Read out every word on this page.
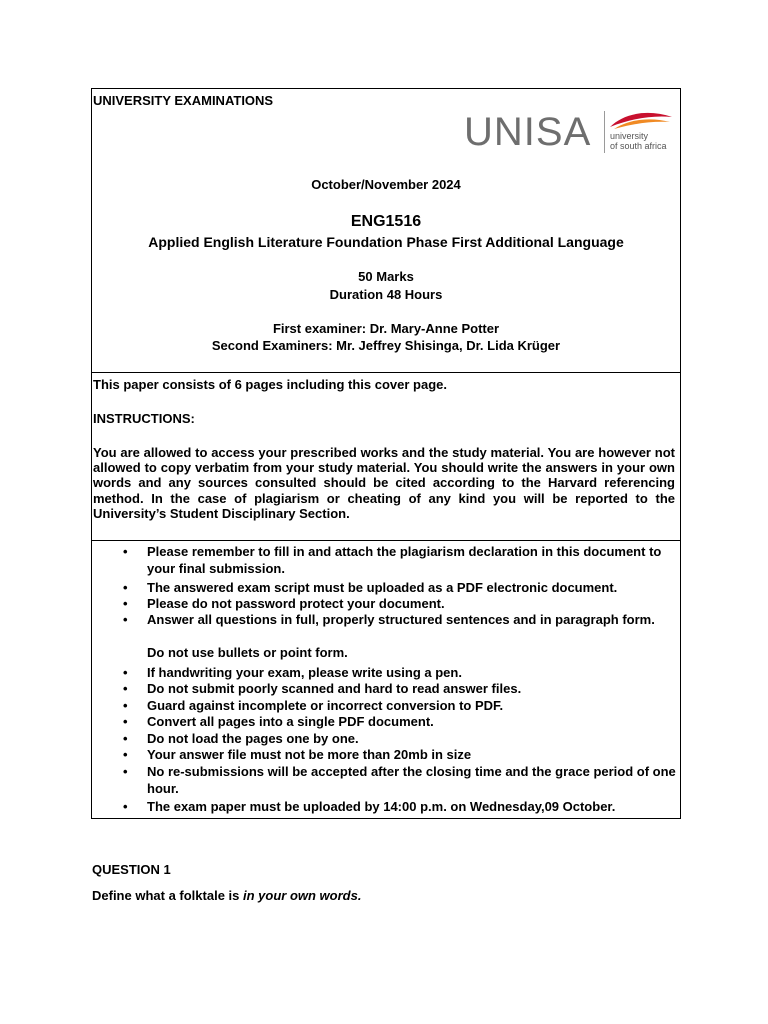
UNIVERSITY EXAMINATIONS
UNISA university
of south africa
October/November 2024
ENG1516
Applied English Literature Foundation Phase First Additional Language
50 Marks
Duration 48 Hours
First examiner: Dr. Mary-Anne Potter
Second Examiners: Mr. Jeffrey Shisinga, Dr. Lida Krüger
This paper consists of 6 pages including this cover page.
INSTRUCTIONS:
You are allowed to access your prescribed works and the study material. You are however not allowed to copy verbatim from your study material. You should write the answers in your own words and any sources consulted should be cited according to the Harvard referencing method. In the case of plagiarism or cheating of any kind you will be reported to the University’s Student Disciplinary Section.
• Please remember to fill in and attach the plagiarism declaration in this document to your final submission.
• The answered exam script must be uploaded as a PDF electronic document.
• Please do not password protect your document.
• Answer all questions in full, properly structured sentences and in paragraph form.
Do not use bullets or point form.
• If handwriting your exam, please write using a pen.
• Do not submit poorly scanned and hard to read answer files.
• Guard against incomplete or incorrect conversion to PDF.
• Convert all pages into a single PDF document.
• Do not load the pages one by one.
• Your answer file must not be more than 20mb in size
• No re-submissions will be accepted after the closing time and the grace period of one hour.
• The exam paper must be uploaded by 14:00 p.m. on Wednesday,09 October.
QUESTION 1
Define what a folktale is in your own words.
